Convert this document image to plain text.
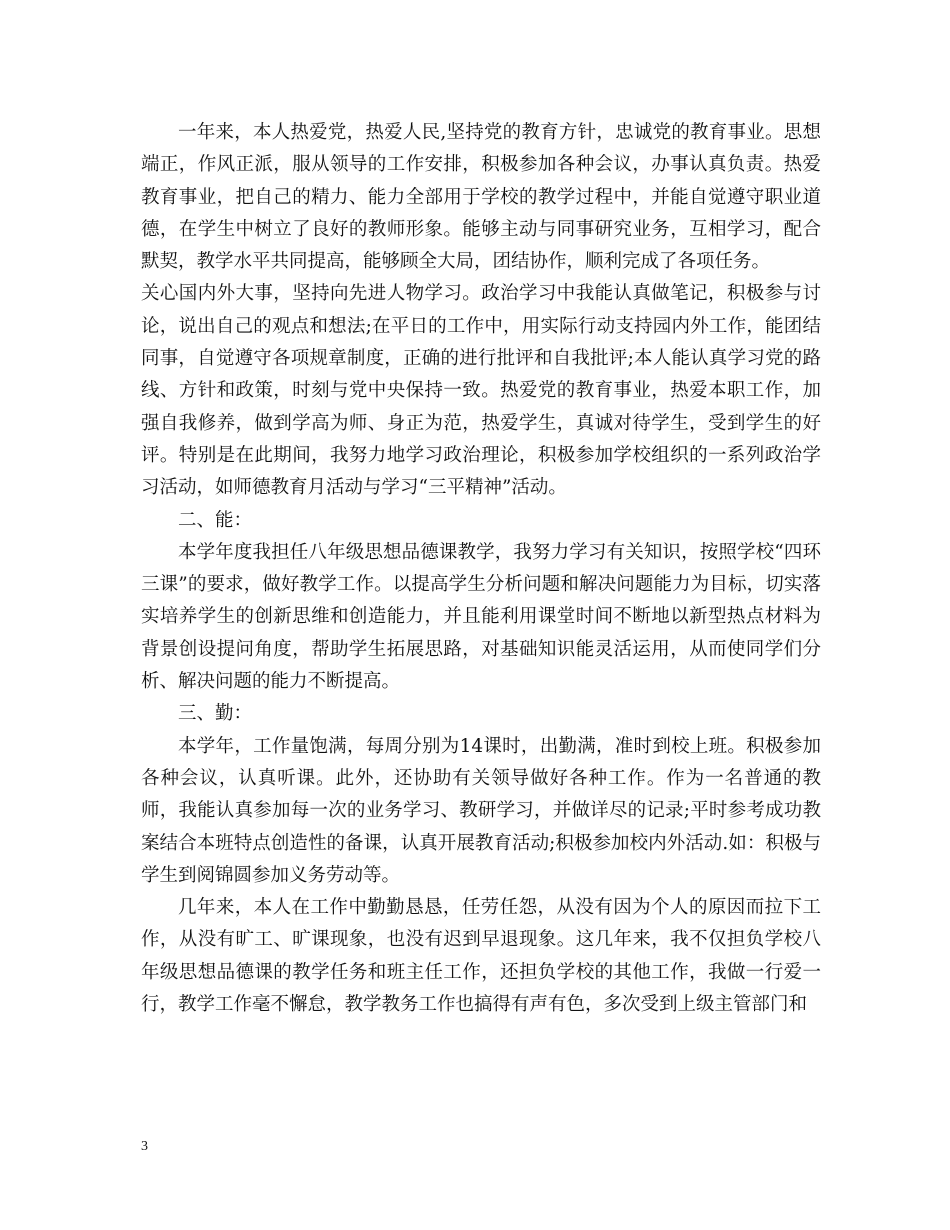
一年来，本人热爱党，热爱人民,坚持党的教育方针，忠诚党的教育事业。思想端正，作风正派，服从领导的工作安排，积极参加各种会议，办事认真负责。热爱教育事业，把自己的精力、能力全部用于学校的教学过程中，并能自觉遵守职业道德，在学生中树立了良好的教师形象。能够主动与同事研究业务，互相学习，配合默契，教学水平共同提高，能够顾全大局，团结协作，顺利完成了各项任务。

关心国内外大事，坚持向先进人物学习。政治学习中我能认真做笔记，积极参与讨论，说出自己的观点和想法;在平日的工作中，用实际行动支持园内外工作，能团结同事，自觉遵守各项规章制度，正确的进行批评和自我批评;本人能认真学习党的路线、方针和政策，时刻与党中央保持一致。热爱党的教育事业，热爱本职工作，加强自我修养，做到学高为师、身正为范，热爱学生，真诚对待学生，受到学生的好评。特别是在此期间，我努力地学习政治理论，积极参加学校组织的一系列政治学习活动，如师德教育月活动与学习“三平精神”活动。

二、能：

本学年度我担任八年级思想品德课教学，我努力学习有关知识，按照学校“四环三课”的要求，做好教学工作。以提高学生分析问题和解决问题能力为目标，切实落实培养学生的创新思维和创造能力，并且能利用课堂时间不断地以新型热点材料为背景创设提问角度，帮助学生拓展思路，对基础知识能灵活运用，从而使同学们分析、解决问题的能力不断提高。

三、勤：

本学年，工作量饱满，每周分别为14课时，出勤满，准时到校上班。积极参加各种会议，认真听课。此外，还协助有关领导做好各种工作。作为一名普通的教师，我能认真参加每一次的业务学习、教研学习，并做详尽的记录;平时参考成功教案结合本班特点创造性的备课，认真开展教育活动;积极参加校内外活动.如：积极与学生到阅锦圆参加义务劳动等。

几年来，本人在工作中勤勤恳恳，任劳任怨，从没有因为个人的原因而拉下工作，从没有旷工、旷课现象，也没有迟到早退现象。这几年来，我不仅担负学校八年级思想品德课的教学任务和班主任工作，还担负学校的其他工作，我做一行爱一行，教学工作毫不懈怠，教学教务工作也搞得有声有色，多次受到上级主管部门和

3
